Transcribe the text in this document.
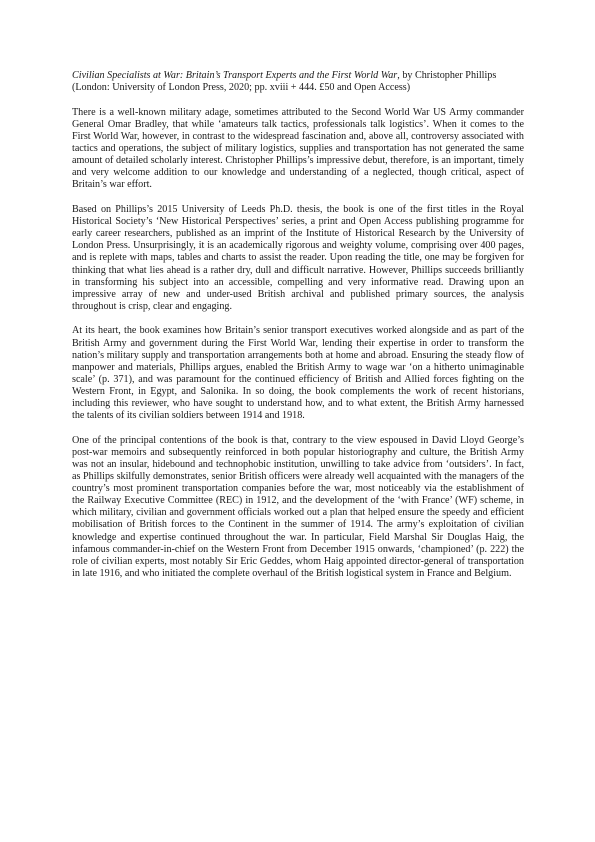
Civilian Specialists at War: Britain’s Transport Experts and the First World War, by Christopher Phillips (London: University of London Press, 2020; pp. xviii + 444. £50 and Open Access)

There is a well-known military adage, sometimes attributed to the Second World War US Army commander General Omar Bradley, that while ‘amateurs talk tactics, professionals talk logistics’. When it comes to the First World War, however, in contrast to the widespread fascination and, above all, controversy associated with tactics and operations, the subject of military logistics, supplies and transportation has not generated the same amount of detailed scholarly interest. Christopher Phillips’s impressive debut, therefore, is an important, timely and very welcome addition to our knowledge and understanding of a neglected, though critical, aspect of Britain’s war effort.

Based on Phillips’s 2015 University of Leeds Ph.D. thesis, the book is one of the first titles in the Royal Historical Society’s ‘New Historical Perspectives’ series, a print and Open Access publishing programme for early career researchers, published as an imprint of the Institute of Historical Research by the University of London Press. Unsurprisingly, it is an academically rigorous and weighty volume, comprising over 400 pages, and is replete with maps, tables and charts to assist the reader. Upon reading the title, one may be forgiven for thinking that what lies ahead is a rather dry, dull and difficult narrative. However, Phillips succeeds brilliantly in transforming his subject into an accessible, compelling and very informative read. Drawing upon an impressive array of new and under-used British archival and published primary sources, the analysis throughout is crisp, clear and engaging.

At its heart, the book examines how Britain’s senior transport executives worked alongside and as part of the British Army and government during the First World War, lending their expertise in order to transform the nation’s military supply and transportation arrangements both at home and abroad. Ensuring the steady flow of manpower and materials, Phillips argues, enabled the British Army to wage war ‘on a hitherto unimaginable scale’ (p. 371), and was paramount for the continued efficiency of British and Allied forces fighting on the Western Front, in Egypt, and Salonika. In so doing, the book complements the work of recent historians, including this reviewer, who have sought to understand how, and to what extent, the British Army harnessed the talents of its civilian soldiers between 1914 and 1918.

One of the principal contentions of the book is that, contrary to the view espoused in David Lloyd George’s post-war memoirs and subsequently reinforced in both popular historiography and culture, the British Army was not an insular, hidebound and technophobic institution, unwilling to take advice from ‘outsiders’. In fact, as Phillips skilfully demonstrates, senior British officers were already well acquainted with the managers of the country’s most prominent transportation companies before the war, most noticeably via the establishment of the Railway Executive Committee (REC) in 1912, and the development of the ‘with France’ (WF) scheme, in which military, civilian and government officials worked out a plan that helped ensure the speedy and efficient mobilisation of British forces to the Continent in the summer of 1914. The army’s exploitation of civilian knowledge and expertise continued throughout the war. In particular, Field Marshal Sir Douglas Haig, the infamous commander-in-chief on the Western Front from December 1915 onwards, ‘championed’ (p. 222) the role of civilian experts, most notably Sir Eric Geddes, whom Haig appointed director-general of transportation in late 1916, and who initiated the complete overhaul of the British logistical system in France and Belgium.
